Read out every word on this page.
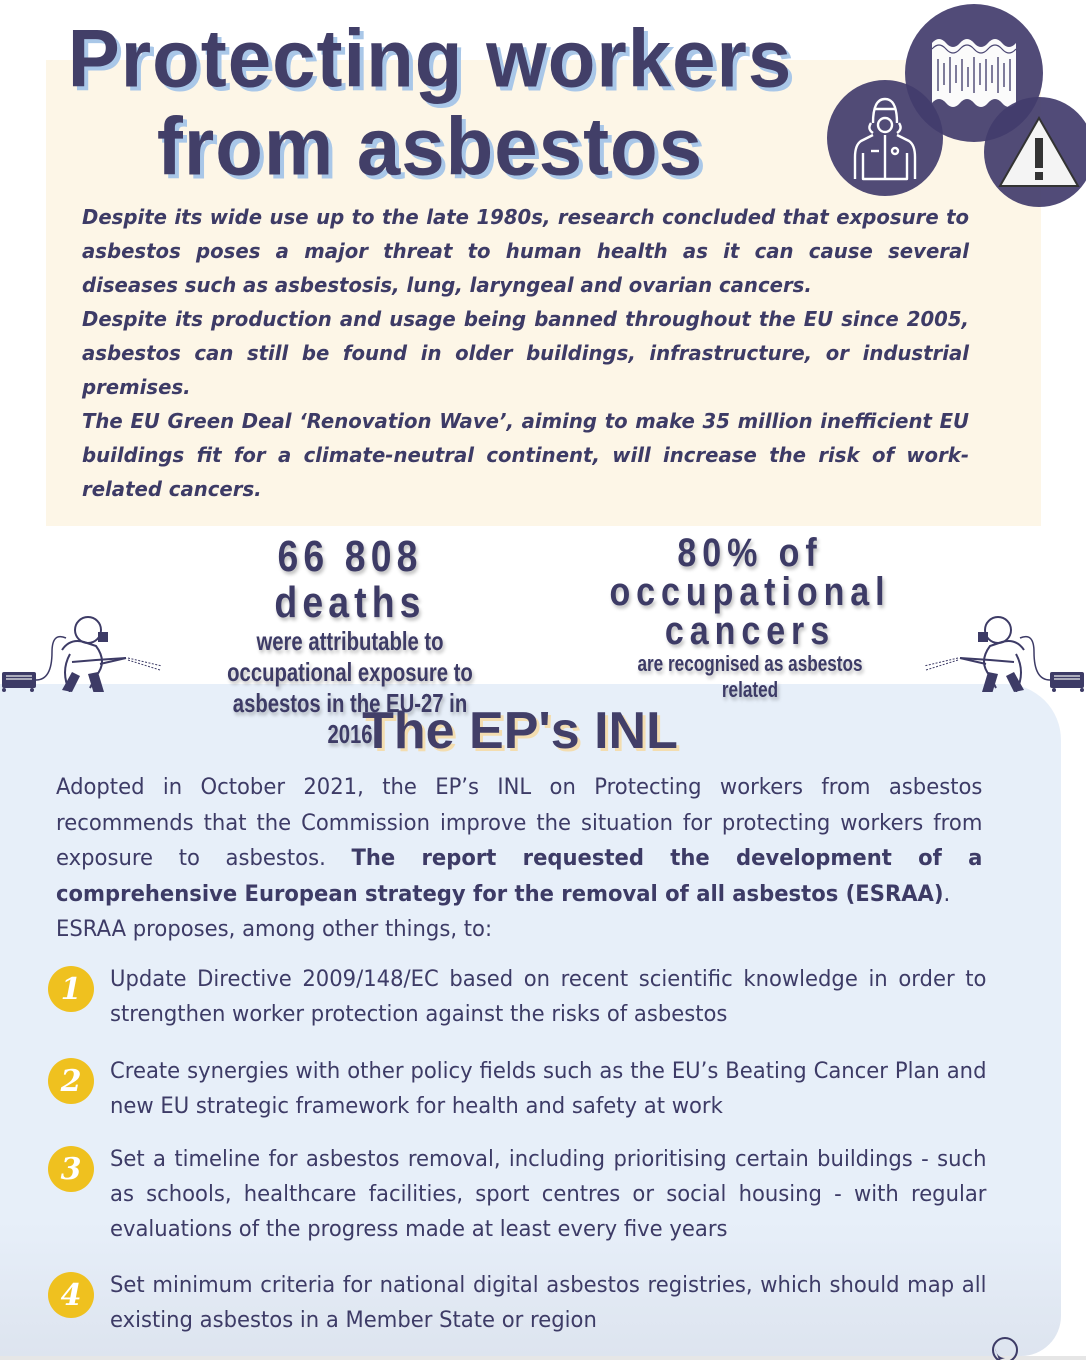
Protecting workers
from asbestos

Despite its wide use up to the late 1980s, research concluded that exposure to asbestos poses a major threat to human health as it can cause several diseases such as asbestosis, lung, laryngeal and ovarian cancers.

Despite its production and usage being banned throughout the EU since 2005, asbestos can still be found in older buildings, infrastructure, or industrial premises.

The EU Green Deal ‘Renovation Wave’, aiming to make 35 million inefficient EU buildings fit for a climate-neutral continent, will increase the risk of work-related cancers.

66 808 deaths
were attributable to
occupational exposure to
asbestos in the EU-27 in 2016
80% of
occupational
cancers
are recognised as asbestos related
The EP's INL
Adopted in October 2021, the EP’s INL on Protecting workers from asbestos recommends that the Commission improve the situation for protecting workers from exposure to asbestos. The report requested the development of a comprehensive European strategy for the removal of all asbestos (ESRAA).
ESRAA proposes, among other things, to:
1	Update Directive 2009/148/EC based on recent scientific knowledge in order to strengthen worker protection against the risks of asbestos
2	Create synergies with other policy fields such as the EU’s Beating Cancer Plan and new EU strategic framework for health and safety at work
3	Set a timeline for asbestos removal, including prioritising certain buildings - such as schools, healthcare facilities, sport centres or social housing - with regular evaluations of the progress made at least every five years
4	Set minimum criteria for national digital asbestos registries, which should map all existing asbestos in a Member State or region
